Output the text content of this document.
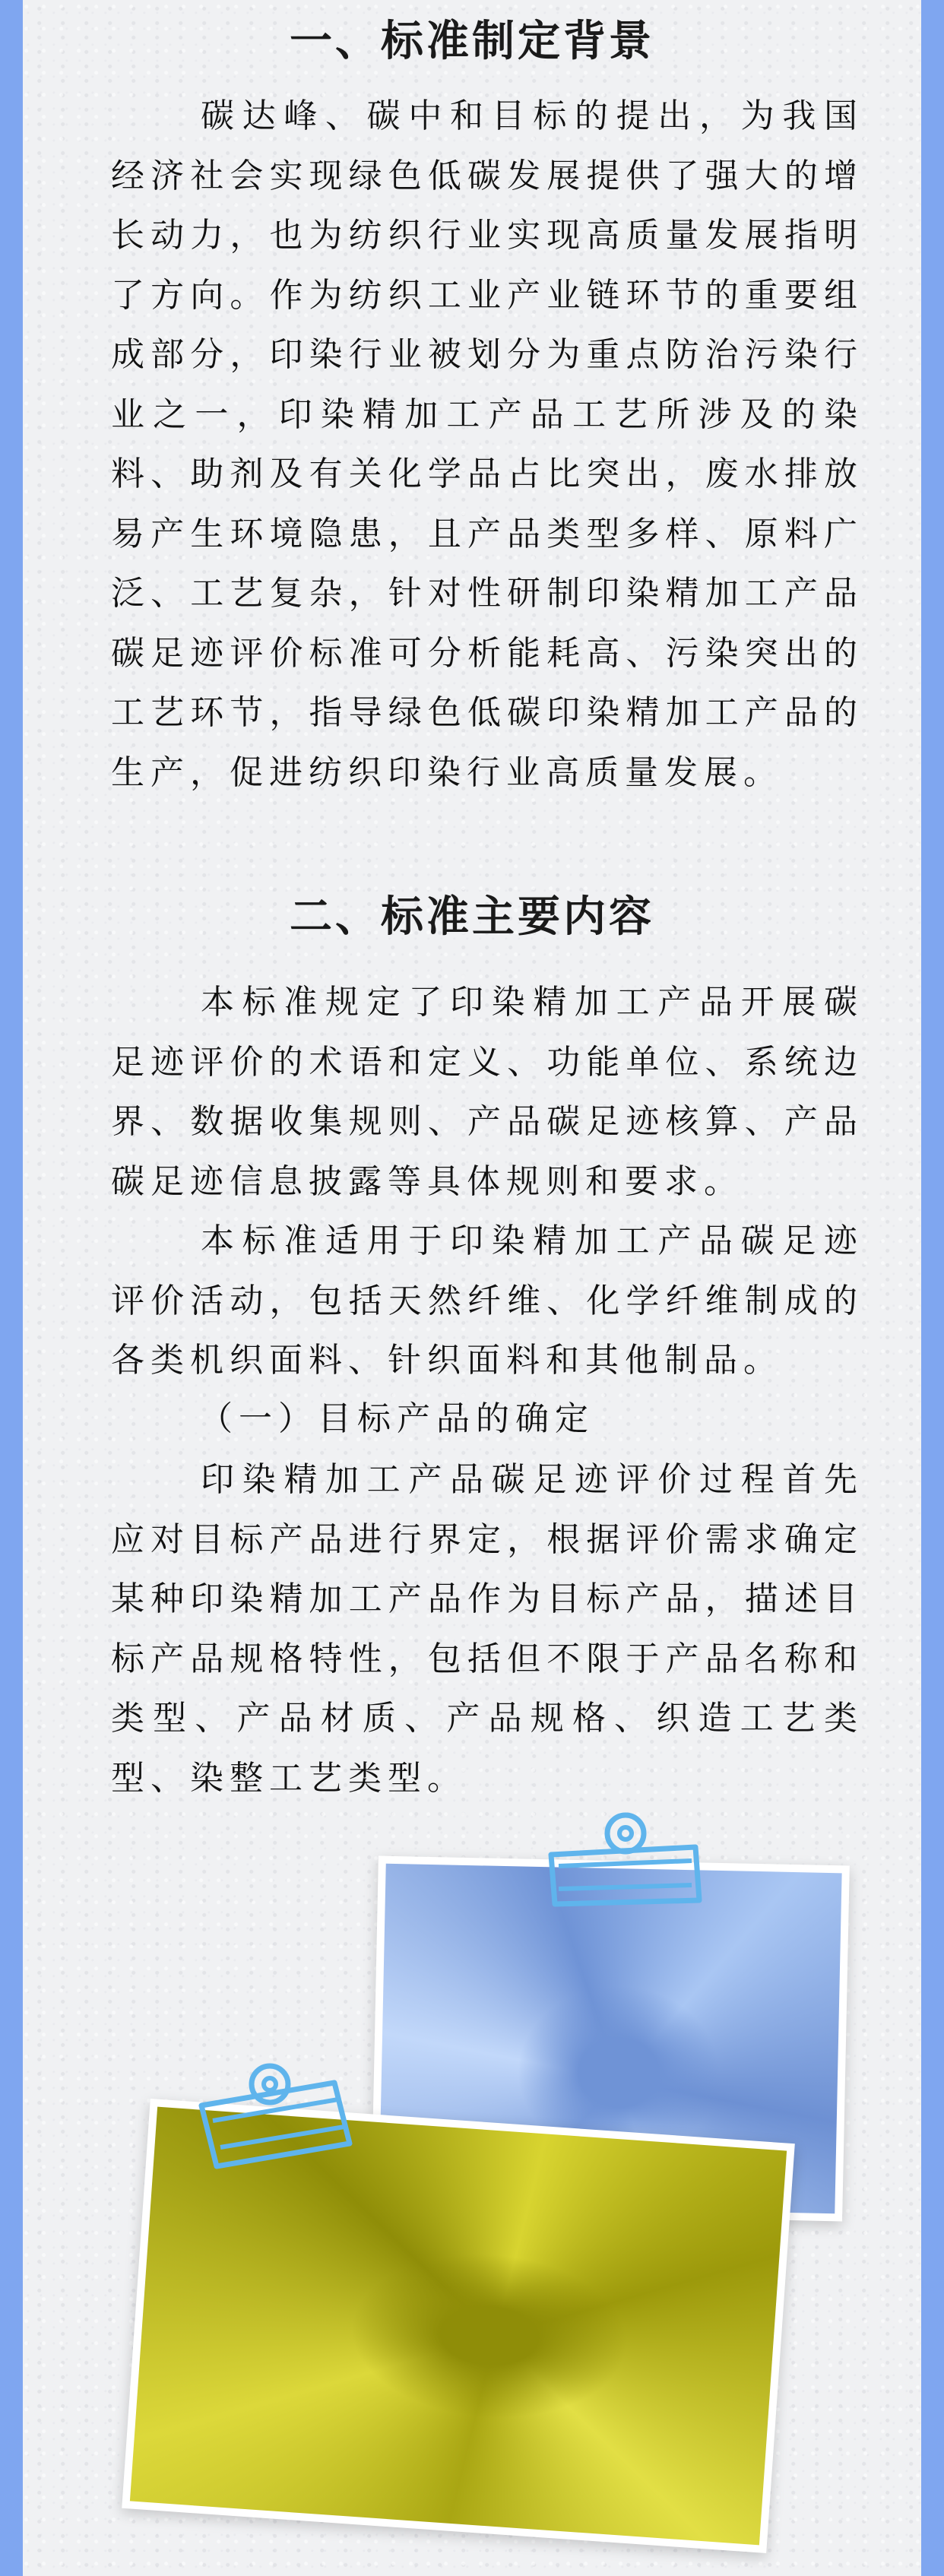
一、标准制定背景
碳达峰、碳中和目标的提出，为我国经济社会实现绿色低碳发展提供了强大的增长动力，也为纺织行业实现高质量发展指明了方向。作为纺织工业产业链环节的重要组成部分，印染行业被划分为重点防治污染行业之一，印染精加工产品工艺所涉及的染料、助剂及有关化学品占比突出，废水排放易产生环境隐患，且产品类型多样、原料广泛、工艺复杂，针对性研制印染精加工产品碳足迹评价标准可分析能耗高、污染突出的工艺环节，指导绿色低碳印染精加工产品的生产，促进纺织印染行业高质量发展。
二、标准主要内容
本标准规定了印染精加工产品开展碳足迹评价的术语和定义、功能单位、系统边界、数据收集规则、产品碳足迹核算、产品碳足迹信息披露等具体规则和要求。
本标准适用于印染精加工产品碳足迹评价活动，包括天然纤维、化学纤维制成的各类机织面料、针织面料和其他制品。
（一）目标产品的确定
印染精加工产品碳足迹评价过程首先应对目标产品进行界定，根据评价需求确定某种印染精加工产品作为目标产品，描述目标产品规格特性，包括但不限于产品名称和类型、产品材质、产品规格、织造工艺类型、染整工艺类型。
